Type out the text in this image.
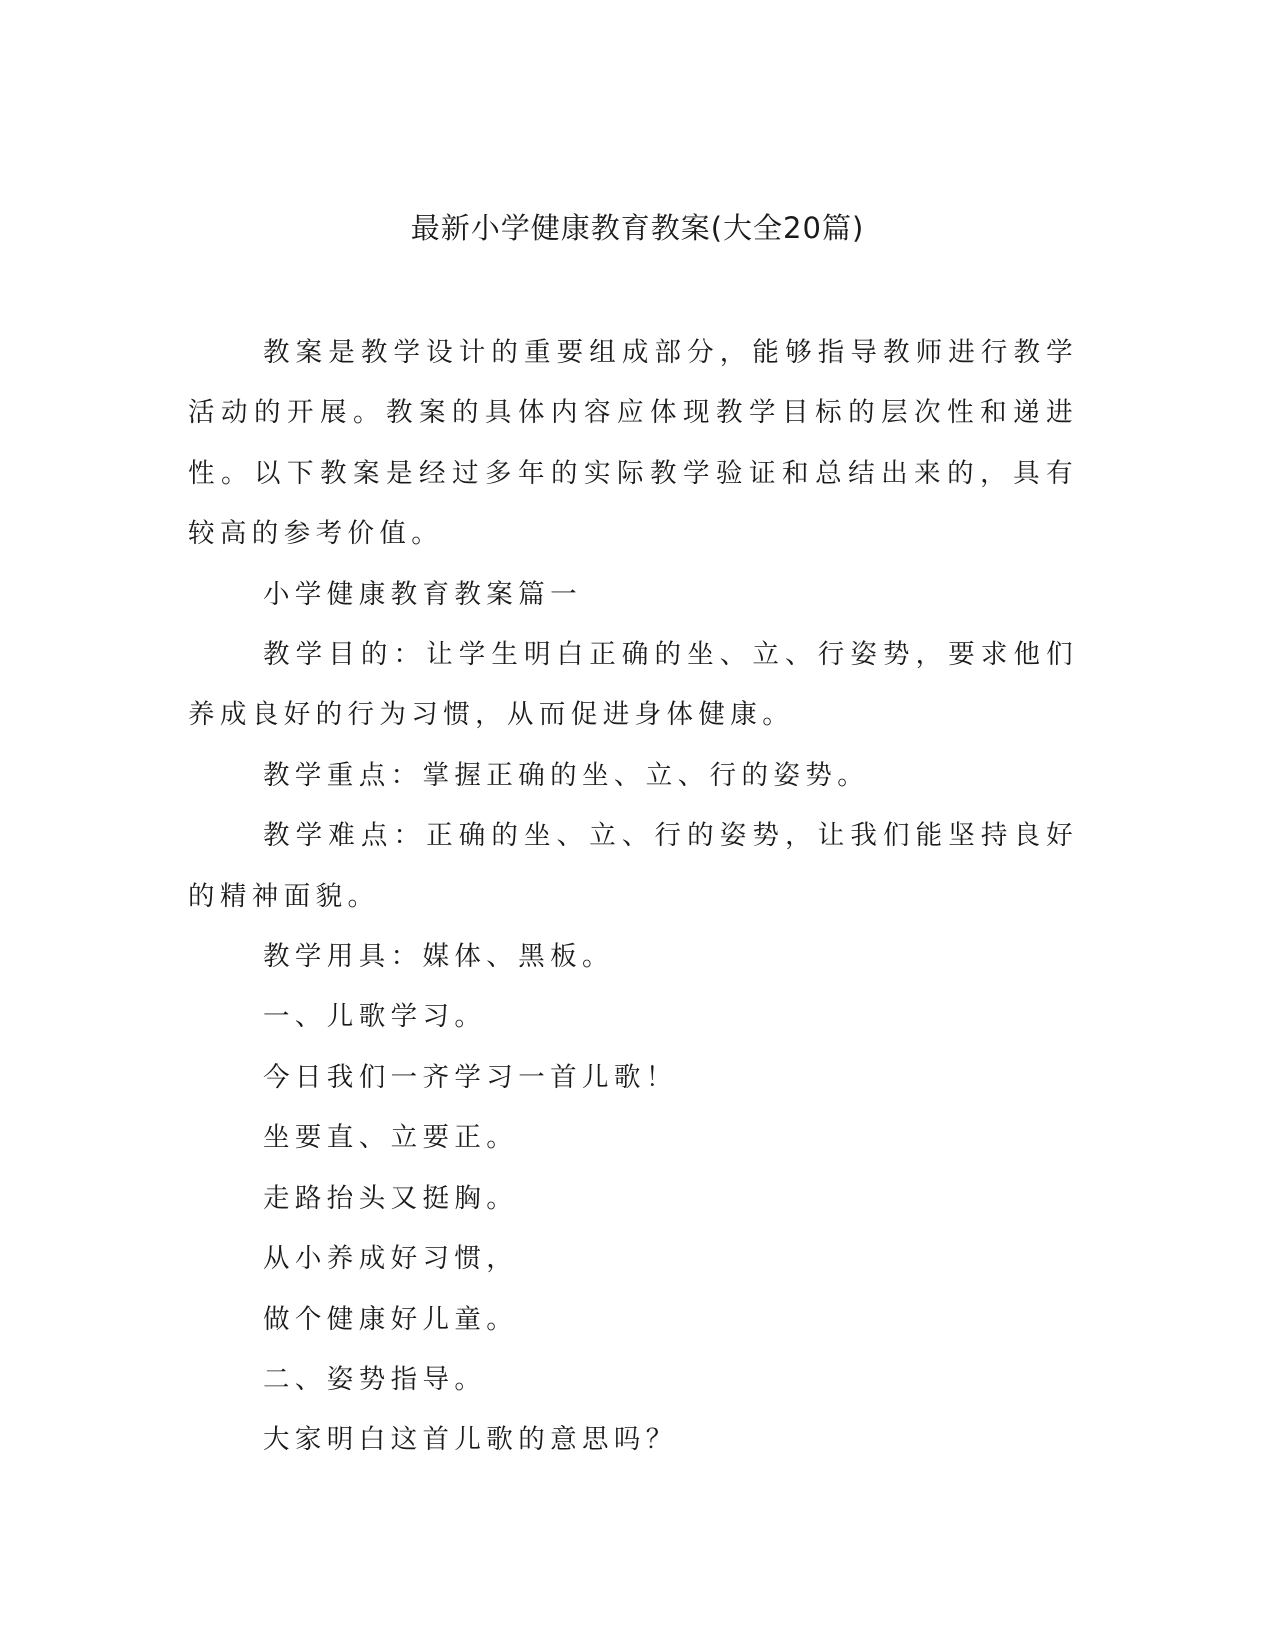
最新小学健康教育教案(大全20篇)

教案是教学设计的重要组成部分，能够指导教师进行教学活动的开展。教案的具体内容应体现教学目标的层次性和递进性。以下教案是经过多年的实际教学验证和总结出来的，具有较高的参考价值。

小学健康教育教案篇一

教学目的：让学生明白正确的坐、立、行姿势，要求他们养成良好的行为习惯，从而促进身体健康。

教学重点：掌握正确的坐、立、行的姿势。

教学难点：正确的坐、立、行的姿势，让我们能坚持良好的精神面貌。

教学用具：媒体、黑板。

一、儿歌学习。

今日我们一齐学习一首儿歌！

坐要直、立要正。

走路抬头又挺胸。

从小养成好习惯，

做个健康好儿童。

二、姿势指导。

大家明白这首儿歌的意思吗？
